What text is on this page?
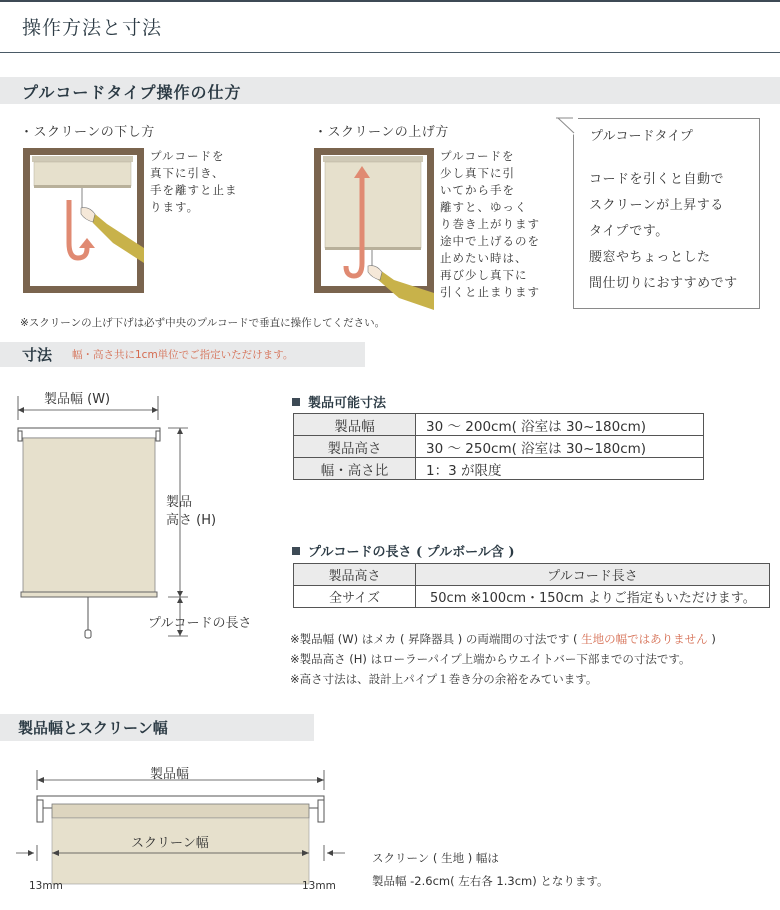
操作方法と寸法
プルコードタイプ操作の仕方
・スクリーンの下し方	・スクリーンの上げ方
プルコードを
真下に引き、
手を離すと止ま
ります。
プルコードを
少し真下に引
いてから手を
離すと、ゆっく
り巻き上がります
途中で上げるのを
止めたい時は、
再び少し真下に
引くと止まります
プルコードタイプ
コードを引くと自動で
スクリーンが上昇する
タイプです。
腰窓やちょっとした
間仕切りにおすすめです
※スクリーンの上げ下げは必ず中央のプルコードで垂直に操作してください。
寸法 幅・高さ共に1cm単位でご指定いただけます。
製品幅 (W)
製品
高さ (H)
プルコードの長さ
製品可能寸法
製品幅	30 〜 200cm( 浴室は 30~180cm)
製品高さ	30 〜 250cm( 浴室は 30~180cm)
幅・高さ比	1：3 が限度
プルコードの長さ ( プルボール含 )
製品高さ	プルコード長さ
全サイズ	50cm ※100cm・150cm よりご指定もいただけます。
※製品幅 (W) はメカ ( 昇降器具 ) の両端間の寸法です ( 生地の幅ではありません )
※製品高さ (H) はローラーパイプ上端からウエイトバー下部までの寸法です。
※高さ寸法は、設計上パイプ１巻き分の余裕をみています。
製品幅とスクリーン幅
製品幅
スクリーン幅
13mm	13mm
スクリーン ( 生地 ) 幅は
製品幅 -2.6cm( 左右各 1.3cm) となります。
